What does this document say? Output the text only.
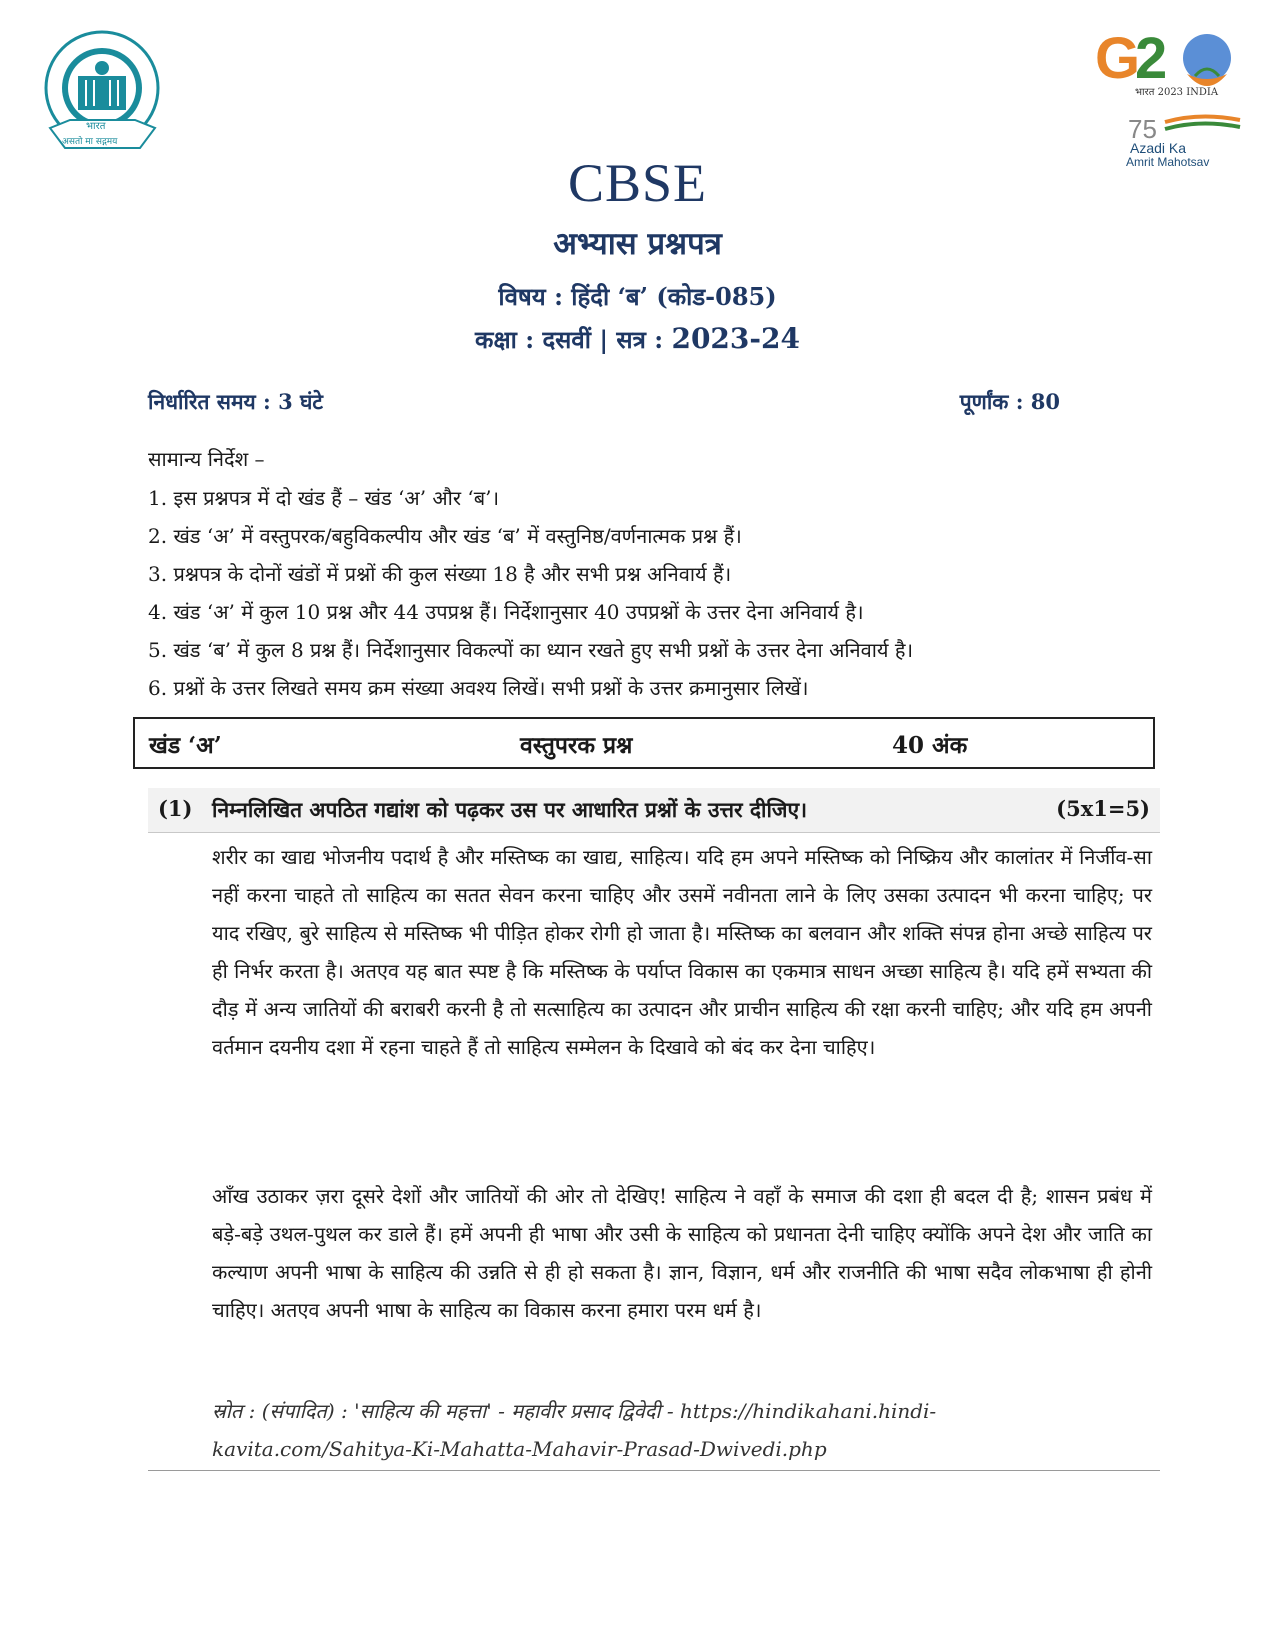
भारत
असतो मा सद्गमय
G
2
भारत 2023 INDIA
75
Azadi Ka
Amrit Mahotsav
CBSE
अभ्यास प्रश्नपत्र
विषय : हिंदी ‘ब’ (कोड-085)
कक्षा : दसवीं | सत्र : 2023-24
निर्धारित समय : 3 घंटे	पूर्णांक : 80
सामान्य निर्देश –
1. इस प्रश्नपत्र में दो खंड हैं – खंड ‘अ’ और ‘ब’।
2. खंड ‘अ’ में वस्तुपरक/बहुविकल्पीय और खंड ‘ब’ में वस्तुनिष्ठ/वर्णनात्मक प्रश्न हैं।
3. प्रश्नपत्र के दोनों खंडों में प्रश्नों की कुल संख्या 18 है और सभी प्रश्न अनिवार्य हैं।
4. खंड ‘अ’ में कुल 10 प्रश्न और 44 उपप्रश्न हैं। निर्देशानुसार 40 उपप्रश्नों के उत्तर देना अनिवार्य है।
5. खंड ‘ब’ में कुल 8 प्रश्न हैं। निर्देशानुसार विकल्पों का ध्यान रखते हुए सभी प्रश्नों के उत्तर देना अनिवार्य है।
6. प्रश्नों के उत्तर लिखते समय क्रम संख्या अवश्य लिखें। सभी प्रश्नों के उत्तर क्रमानुसार लिखें।
खंड ‘अ’	वस्तुपरक प्रश्न	40 अंक
(1) निम्नलिखित अपठित गद्यांश को पढ़कर उस पर आधारित प्रश्नों के उत्तर दीजिए।	(5x1=5)

शरीर का खाद्य भोजनीय पदार्थ है और मस्तिष्क का खाद्य, साहित्य। यदि हम अपने मस्तिष्क को निष्क्रिय और कालांतर में निर्जीव-सा नहीं करना चाहते तो साहित्य का सतत सेवन करना चाहिए और उसमें नवीनता लाने के लिए उसका उत्पादन भी करना चाहिए; पर याद रखिए, बुरे साहित्य से मस्तिष्क भी पीड़ित होकर रोगी हो जाता है। मस्तिष्क का बलवान और शक्ति संपन्न होना अच्छे साहित्य पर ही निर्भर करता है। अतएव यह बात स्पष्ट है कि मस्तिष्क के पर्याप्त विकास का एकमात्र साधन अच्छा साहित्य है। यदि हमें सभ्यता की दौड़ में अन्य जातियों की बराबरी करनी है तो सत्साहित्य का उत्पादन और प्राचीन साहित्य की रक्षा करनी चाहिए; और यदि हम अपनी वर्तमान दयनीय दशा में रहना चाहते हैं तो साहित्य सम्मेलन के दिखावे को बंद कर देना चाहिए।

आँख उठाकर ज़रा दूसरे देशों और जातियों की ओर तो देखिए! साहित्य ने वहाँ के समाज की दशा ही बदल दी है; शासन प्रबंध में बड़े-बड़े उथल-पुथल कर डाले हैं। हमें अपनी ही भाषा और उसी के साहित्य को प्रधानता देनी चाहिए क्योंकि अपने देश और जाति का कल्याण अपनी भाषा के साहित्य की उन्नति से ही हो सकता है। ज्ञान, विज्ञान, धर्म और राजनीति की भाषा सदैव लोकभाषा ही होनी चाहिए। अतएव अपनी भाषा के साहित्य का विकास करना हमारा परम धर्म है।

स्रोत : (संपादित) : 'साहित्य की महत्ता' - महावीर प्रसाद द्विवेदी - https://hindikahani.hindi-kavita.com/Sahitya-Ki-Mahatta-Mahavir-Prasad-Dwivedi.php
